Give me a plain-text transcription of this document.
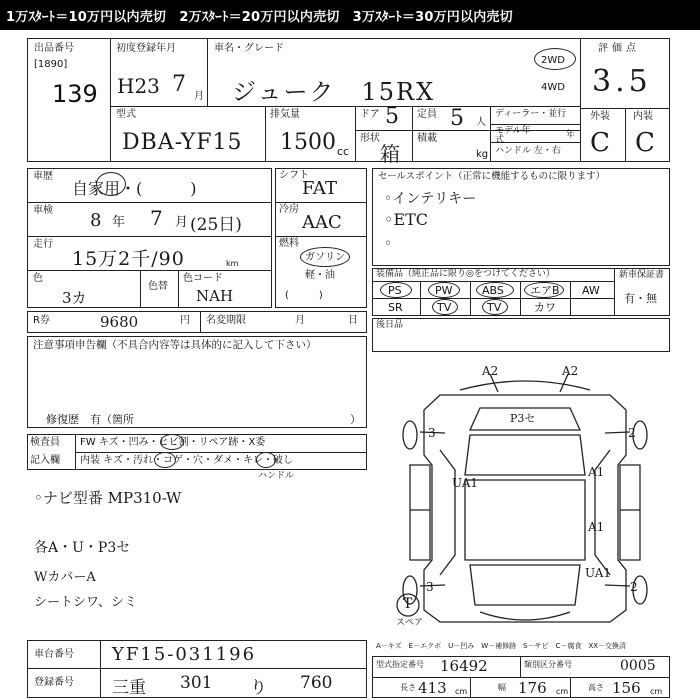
1万ｽﾀｰﾄ＝10万円以内売切　2万ｽﾀｰﾄ＝20万円以内売切　3万ｽﾀｰﾄ＝30万円以内売切
出品番号
[1890]
139
初度登録年月
H23 7 月
車名・グレード
ジューク　15RX
2WD
4WD
評価点
3.5
型式
DBA-YF15
排気量
1500 cc
ドア 5
形状
箱
定員 5 人
積載
kg
ディーラー・並行
モデル年式	年
ハンドル 左・右
外装 内装
C C
車歴
自家用・(　　　)
車検 8 年 7 月 (25日)
走行
15万2千/90	km
色
3カ
色替
色コード
NAH
シフト
FAT
冷房
AAC
燃料
ガソリン
軽・油
(　　　)
セールスポイント（正常に機能するものに限ります）
◦インテリキー
◦ETC
◦
装備品（純正品に限り◎をつけてください）	新車保証書
有・無
PS	PW	ABS エアB AW
SR	TV	TV	カワ
R券	9680	円 名変期限	月	日 後日品
注意事項申告欄（不具合内容等は具体的に記入して下さい）
修復歴　有（箇所	）
検査員
記入欄
FW キズ・凹み・ヒビ割・リペア跡・X委
内装 キズ・汚れ・コゲ・穴・ダメ・キレ・破し
ハンドル
◦ナビ型番 MP310-W
各A・U・P3セ
WカバーA
シートシワ、シミ
A2	A2
P3セ
3	2
UA1
A1
A1
3	2
UA1
T
スペア
A－キズ　E－エクボ　U－凹み　W－補修跡　S－サビ　C－腐食　XX－交換済
車台番号 YF15-031196
登録番号 三重 301 り 760
型式指定番号 16492	類別区分番号	0005
長さ 413 cm	幅 176 cm 高さ 156 cm
